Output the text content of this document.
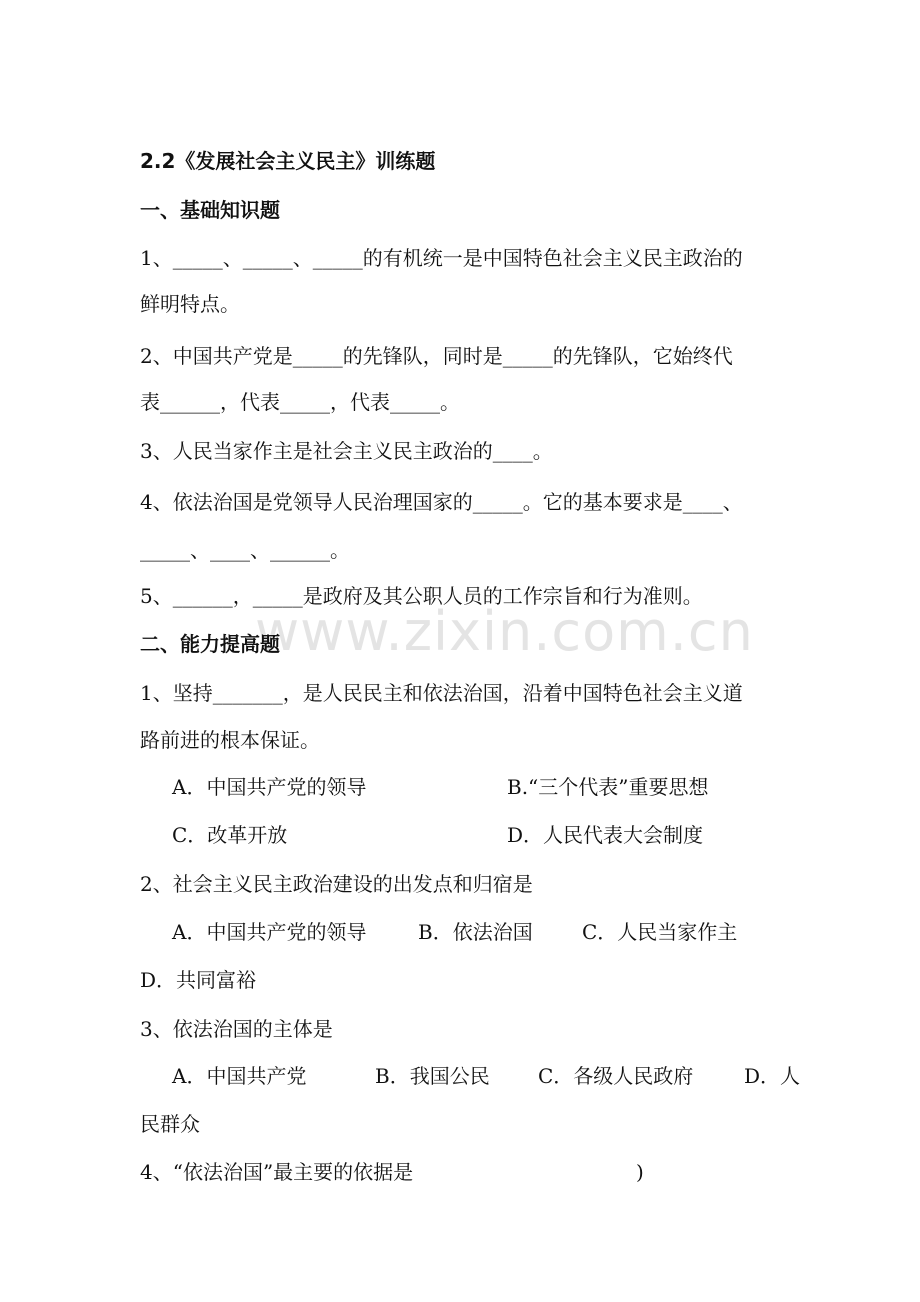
www.zixin.com.cn
2.2《发展社会主义民主》训练题
一、基础知识题
1、_____、_____、_____的有机统一是中国特色社会主义民主政治的
鲜明特点。
2、中国共产党是_____的先锋队，同时是_____的先锋队，它始终代
表______，代表_____，代表_____。
3、人民当家作主是社会主义民主政治的____。
4、依法治国是党领导人民治理国家的_____。它的基本要求是____、
_____、____、______。
5、______，_____是政府及其公职人员的工作宗旨和行为准则。
二、能力提高题
1、坚持_______，是人民民主和依法治国，沿着中国特色社会主义道
路前进的根本保证。
A．中国共产党的领导	B.“三个代表”重要思想
C．改革开放	D．人民代表大会制度
2、社会主义民主政治建设的出发点和归宿是
A．中国共产党的领导	B．依法治国 C．人民当家作主
D．共同富裕
3、依法治国的主体是
A．中国共产党	B．我国公民 C．各级人民政府	D．人
民群众
4、“依法治国”最主要的依据是	)
